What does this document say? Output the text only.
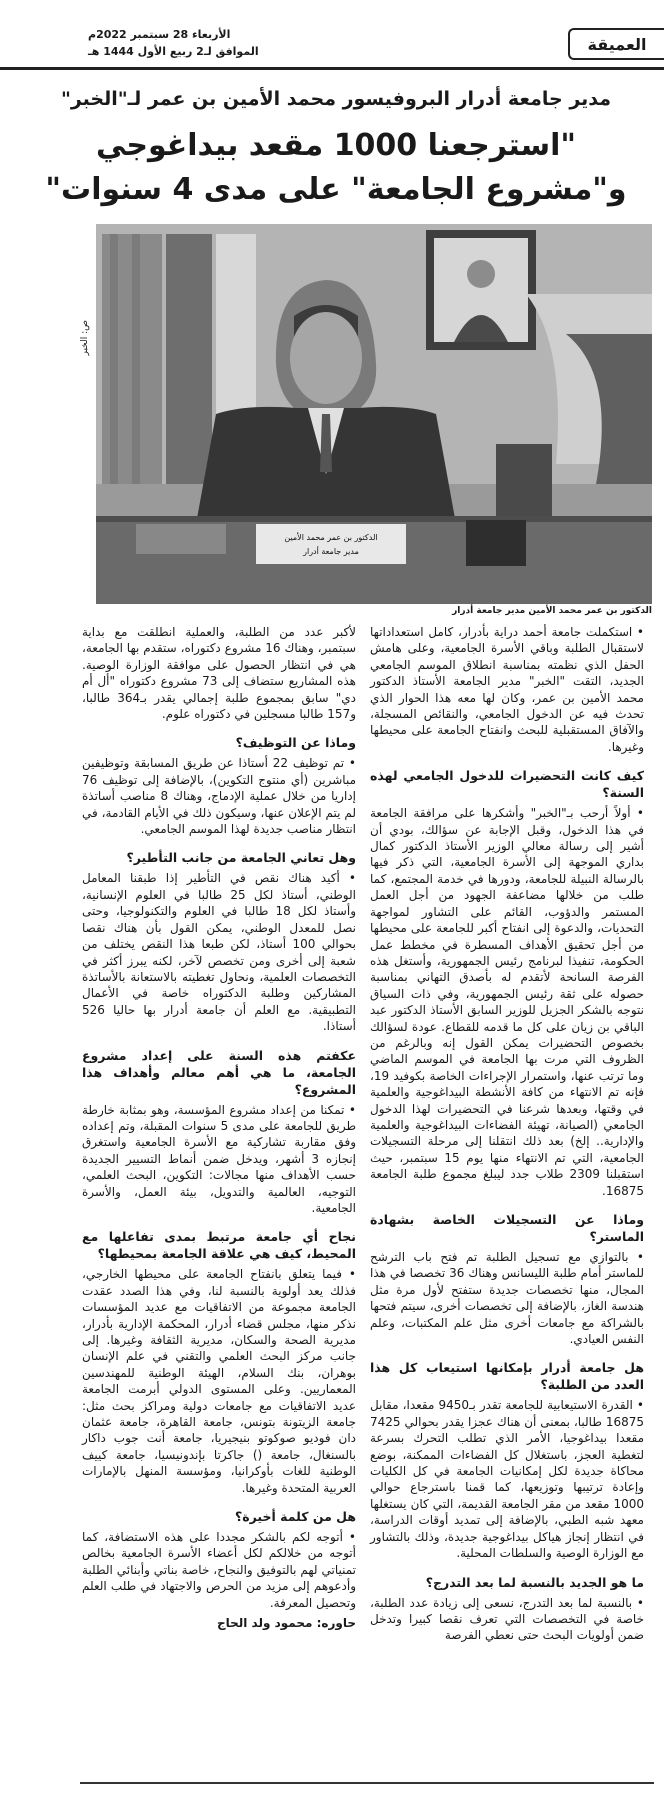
العميقة
الأربعاء 28 سبتمبر 2022م
الموافق لـ2 ربيع الأول 1444 هـ
مدير جامعة أدرار البروفيسور محمد الأمين بن عمر لـ"الخبر"
"استرجعنا 1000 مقعد بيداغوجي
و"مشروع الجامعة" على مدى 4 سنوات"
ص: الخبر
الدكتور بن عمر محمد الأمين
مدير جامعة أدرار
الدكتور بن عمر محمد الأمين مدير جامعة أدرار
• استكملت جامعة أحمد دراية بأدرار، كامل استعداداتها لاستقبال الطلبة وباقي الأسرة الجامعية، وعلى هامش الحفل الذي نظمته بمناسبة انطلاق الموسم الجامعي الجديد، التقت "الخبر" مدير الجامعة الأستاذ الدكتور محمد الأمين بن عمر، وكان لها معه هذا الحوار الذي تحدث فيه عن الدخول الجامعي، والنقائص المسجلة، والآفاق المستقبلية للبحث وانفتاح الجامعة على محيطها وغيرها.
كيف كانت التحضيرات للدخول الجامعي لهذه السنة؟
• أولاً أرحب بـ"الخبر" وأشكرها على مرافقة الجامعة في هذا الدخول، وقبل الإجابة عن سؤالك، بودي أن أشير إلى رسالة معالي الوزير الأستاذ الدكتور كمال بداري الموجهة إلى الأسرة الجامعية، التي ذكر فيها بالرسالة النبيلة للجامعة، ودورها في خدمة المجتمع، كما طلب من خلالها مضاعفة الجهود من أجل العمل المستمر والدؤوب، القائم على التشاور لمواجهة التحديات، والدعوة إلى انفتاح أكبر للجامعة على محيطها من أجل تحقيق الأهداف المسطرة في مخطط عمل الحكومة، تنفيذا لبرنامج رئيس الجمهورية، وأستغل هذه الفرصة السانحة لأتقدم له بأصدق التهاني بمناسبة حصوله على ثقة رئيس الجمهورية، وفي ذات السياق نتوجه بالشكر الجزيل للوزير السابق الأستاذ الدكتور عبد الباقي بن زيان على كل ما قدمه للقطاع. عودة لسؤالك بخصوص التحضيرات يمكن القول إنه وبالرغم من الظروف التي مرت بها الجامعة في الموسم الماضي وما ترتب عنها، واستمرار الإجراءات الخاصة بكوفيد 19، فإنه تم الانتهاء من كافة الأنشطة البيداغوجية والعلمية في وقتها، وبعدها شرعنا في التحضيرات لهذا الدخول الجامعي (الصيانة، تهيئة الفضاءات البيداغوجية والعلمية والإدارية.. إلخ) بعد ذلك انتقلنا إلى مرحلة التسجيلات الجامعية، التي تم الانتهاء منها يوم 15 سبتمبر، حيث استقبلنا 2309 طلاب جدد ليبلغ مجموع طلبة الجامعة 16875.
وماذا عن التسجيلات الخاصة بشهادة الماستر؟
• بالتوازي مع تسجيل الطلبة تم فتح باب الترشح للماستر أمام طلبة الليسانس وهناك 36 تخصصا في هذا المجال، منها تخصصات جديدة ستفتح لأول مرة مثل هندسة الغاز، بالإضافة إلى تخصصات أخرى، سيتم فتحها بالشراكة مع جامعات أخرى مثل علم المكتبات، وعلم النفس العيادي.
هل جامعة أدرار بإمكانها استيعاب كل هذا العدد من الطلبة؟
• القدرة الاستيعابية للجامعة تقدر بـ9450 مقعدا، مقابل 16875 طالبا، بمعنى أن هناك عجزا يقدر بحوالي 7425 مقعدا بيداغوجيا، الأمر الذي تطلب التحرك بسرعة لتغطية العجز، باستغلال كل الفضاءات الممكنة، بوضع محاكاة جديدة لكل إمكانيات الجامعة في كل الكليات وإعادة ترتيبها وتوزيعها، كما قمنا باسترجاع حوالي 1000 مقعد من مقر الجامعة القديمة، التي كان يستغلها معهد شبه الطبي، بالإضافة إلى تمديد أوقات الدراسة، في انتظار إنجاز هياكل بيداغوجية جديدة، وذلك بالتشاور مع الوزارة الوصية والسلطات المحلية.
ما هو الجديد بالنسبة لما بعد التدرج؟
• بالنسبة لما بعد التدرج، نسعى إلى زيادة عدد الطلبة، خاصة في التخصصات التي تعرف نقصا كبيرا وتدخل ضمن أولويات البحث حتى نعطي الفرصة
لأكبر عدد من الطلبة، والعملية انطلقت مع بداية سبتمبر، وهناك 16 مشروع دكتوراه، ستقدم بها الجامعة، هي في انتظار الحصول على موافقة الوزارة الوصية. هذه المشاريع ستضاف إلى 73 مشروع دكتوراه "أل أم دي" سابق بمجموع طلبة إجمالي يقدر بـ364 طالبا، و157 طالبا مسجلين في دكتوراه علوم.
وماذا عن التوظيف؟
• تم توظيف 22 أستاذا عن طريق المسابقة وتوظيفين مباشرين (أي منتوج التكوين)، بالإضافة إلى توظيف 76 إداريا من خلال عملية الإدماج، وهناك 8 مناصب أساتذة لم يتم الإعلان عنها، وسيكون ذلك في الأيام القادمة، في انتظار مناصب جديدة لهذا الموسم الجامعي.
وهل تعاني الجامعة من جانب التأطير؟
• أكيد هناك نقص في التأطير إذا طبقنا المعامل الوطني، أستاذ لكل 25 طالبا في العلوم الإنسانية، وأستاذ لكل 18 طالبا في العلوم والتكنولوجيا، وحتى نصل للمعدل الوطني، يمكن القول بأن هناك نقصا بحوالي 100 أستاذ، لكن طبعا هذا النقص يختلف من شعبة إلى أخرى ومن تخصص لآخر، لكنه يبرز أكثر في التخصصات العلمية، ونحاول تغطيته بالاستعانة بالأساتذة المشاركين وطلبة الدكتوراه خاصة في الأعمال التطبيقية. مع العلم أن جامعة أدرار بها حاليا 526 أستاذا.
عكفتم هذه السنة على إعداد مشروع الجامعة، ما هي أهم معالم وأهداف هذا المشروع؟
• تمكنا من إعداد مشروع المؤسسة، وهو بمثابة خارطة طريق للجامعة على مدى 5 سنوات المقبلة، وتم إعداده وفق مقاربة تشاركية مع الأسرة الجامعية واستغرق إنجازه 3 أشهر، ويدخل ضمن أنماط التسيير الجديدة حسب الأهداف منها مجالات: التكوين، البحث العلمي، التوجيه، العالمية والتدويل، بيئة العمل، والأسرة الجامعية.
نجاح أي جامعة مرتبط بمدى تفاعلها مع المحيط، كيف هي علاقة الجامعة بمحيطها؟
• فيما يتعلق بانفتاح الجامعة على محيطها الخارجي، فذلك يعد أولوية بالنسبة لنا، وفي هذا الصدد عقدت الجامعة مجموعة من الاتفاقيات مع عديد المؤسسات نذكر منها، مجلس قضاء أدرار، المحكمة الإدارية بأدرار، مديرية الصحة والسكان، مديرية الثقافة وغيرها. إلى جانب مركز البحث العلمي والتقني في علم الإنسان بوهران، بنك السلام، الهيئة الوطنية للمهندسين المعماريين. وعلى المستوى الدولي أبرمت الجامعة عديد الاتفاقيات مع جامعات دولية ومراكز بحث مثل: جامعة الزيتونة بتونس، جامعة القاهرة، جامعة عثمان دان فوديو صوكوتو بنيجيريا، جامعة أنت جوب داكار بالسنغال، جامعة () جاكرتا بإندونيسيا، جامعة كييف الوطنية للغات بأوكرانيا، ومؤسسة المنهل بالإمارات العربية المتحدة وغيرها.
هل من كلمة أخيرة؟
• أتوجه لكم بالشكر مجددا على هذه الاستضافة، كما أتوجه من خلالكم لكل أعضاء الأسرة الجامعية بخالص تمنياتي لهم بالتوفيق والنجاح، خاصة بناتي وأبنائي الطلبة وأدعوهم إلى مزيد من الحرص والاجتهاد في طلب العلم وتحصيل المعرفة.
حاوره: محمود ولد الحاج
